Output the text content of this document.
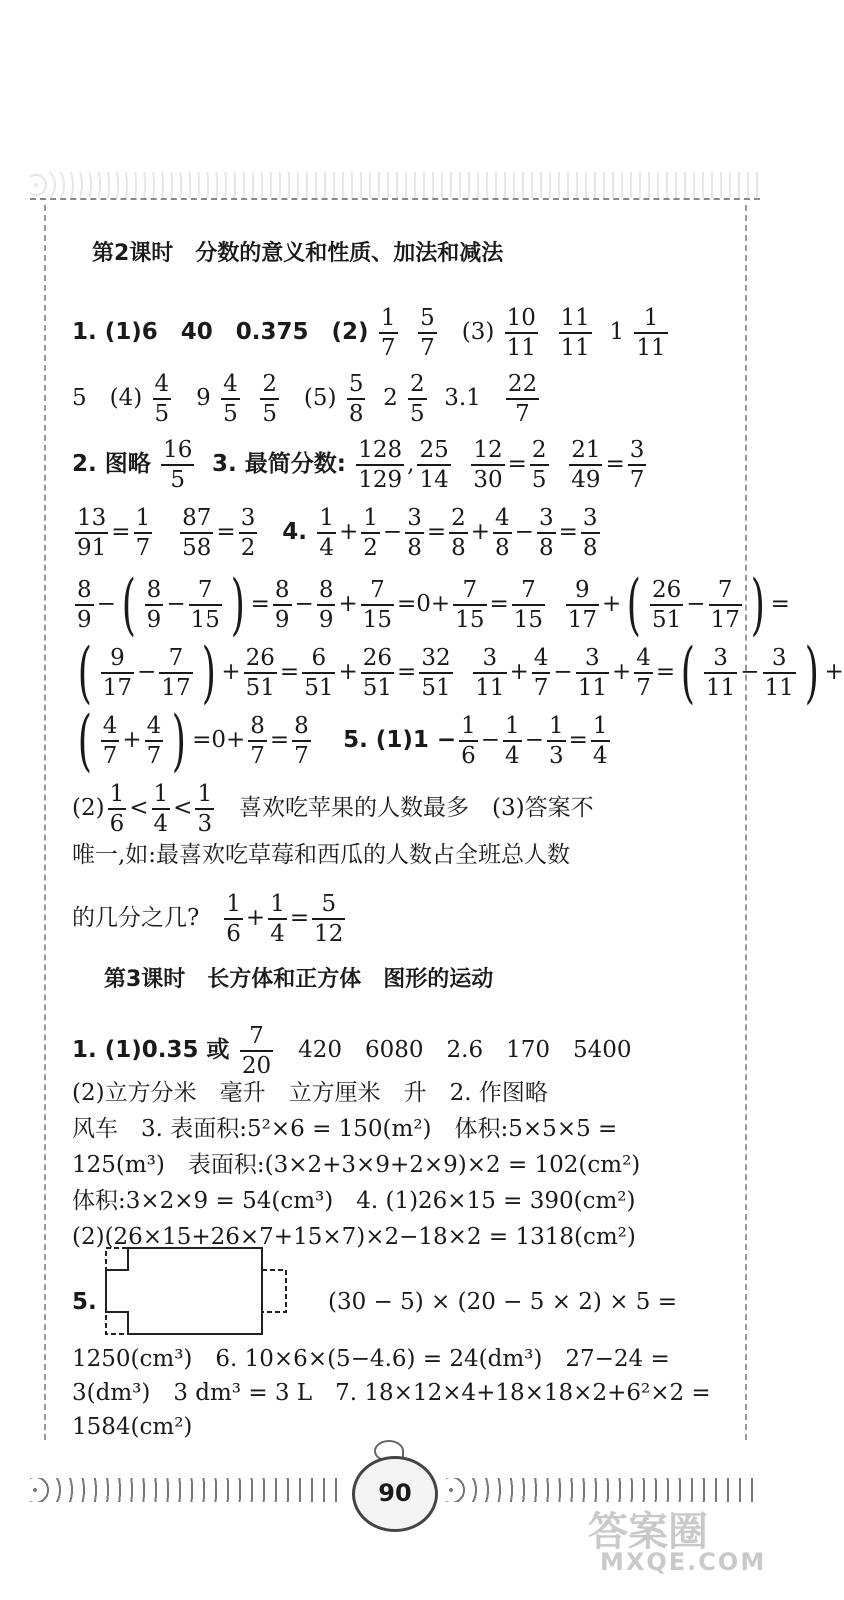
第2课时　分数的意义和性质、加法和减法
1. (1)6　40　0.375　$(2) \frac{1}{7}$
$\frac{5}{7} (3) \frac{10}{11}$
$\frac{11}{11} 1 \frac{1}{11}$
5　$(4) \frac{4}{5} 9 \frac{4}{5}$
$\frac{2}{5} (5) \frac{5}{8} 2 \frac{2}{5} 3.1 \frac{22}{7}$
2. 图略 $\frac{16}{5} 3$. 最简分数: $\frac{128}{129}$ , $\frac{25}{14}$
$\frac{12}{30} = \frac{2}{5}$
$\frac{21}{49} = \frac{3}{7}$
$\frac{13}{91} = \frac{1}{7}$
$\frac{87}{58} = \frac{3}{2} 4$. $\frac{1}{4} + \frac{1}{2} - \frac{3}{8} = \frac{2}{8} + \frac{4}{8} - \frac{3}{8} = \frac{3}{8}$
$\frac{8}{9}$ −( $\frac{8}{9} - \frac{7}{15}$ ) = $\frac{8}{9} - \frac{8}{9} + \frac{7}{15} =0+ \frac{7}{15} = \frac{7}{15}$
$\frac{9}{17}$ +( $\frac{26}{51} - \frac{7}{17}$ ) =
( $\frac{9}{17} - \frac{7}{17}$ ) + $\frac{26}{51} = \frac{6}{51} + \frac{26}{51} = \frac{32}{51}$
$\frac{3}{11} + \frac{4}{7} - \frac{3}{11} + \frac{4}{7}$ =( $\frac{3}{11} - \frac{3}{11}$ ) +
( $\frac{4}{7} + \frac{4}{7}$ ) $=0+ \frac{8}{7} = \frac{8}{7} 5$. $(1)1 - \frac{1}{6} - \frac{1}{4} - \frac{1}{3} = \frac{1}{4}$
$(2) \frac{1}{6} < \frac{1}{4} < \frac{1}{3}$ 喜欢吃苹果的人数最多　(3)答案不
唯一,如:最喜欢吃草莓和西瓜的人数占全班总人数
的几分之几? $\frac{1}{6} + \frac{1}{4} = \frac{5}{12}$
第3课时　长方体和正方体　图形的运动
1. (1)0.35 或 $\frac{7}{20} 420$　6080　2.6　170　5400
(2)立方分米　毫升　立方厘米　升　2. 作图略
风车　3. 表面积:5²×6 = 150(m²)　体积:5×5×5 =
125(m³)　表面积:(3×2+3×9+2×9)×2 = 102(cm²)
体积:3×2×9 = 54(cm³)　4. (1)26×15 = 390(cm²)
(2)(26×15+26×7+15×7)×2−18×2 = 1318(cm²)
5.	(30 − 5) × (20 − 5 × 2) × 5 =
1250(cm³)　6. 10×6×(5−4.6) = 24(dm³)　27−24 =
3(dm³)　3 dm³ = 3 L　7. 18×12×4+18×18×2+6²×2 =
1584(cm²)
90
答案圈
MXQE.COM
